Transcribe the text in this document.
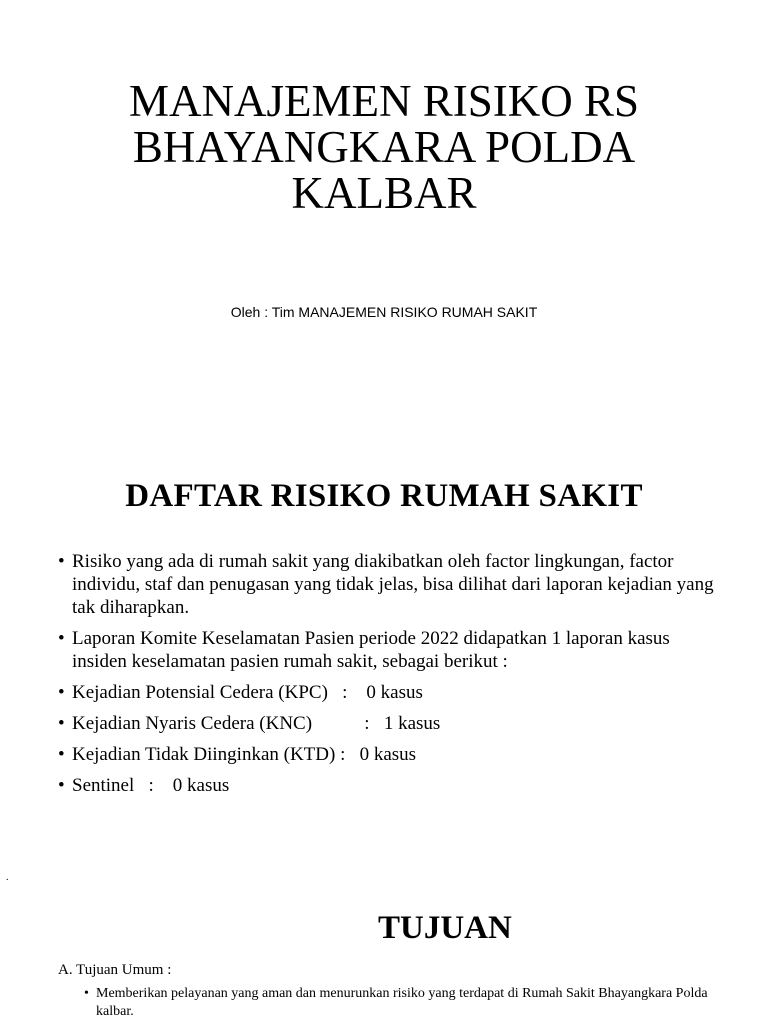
MANAJEMEN RISIKO RS
BHAYANGKARA POLDA
KALBAR

Oleh : Tim MANAJEMEN RISIKO RUMAH SAKIT

DAFTAR RISIKO RUMAH SAKIT
• Risiko yang ada di rumah sakit yang diakibatkan oleh factor lingkungan, factor individu, staf dan penugasan yang tidak jelas, bisa dilihat dari laporan kejadian yang tak diharapkan.
• Laporan Komite Keselamatan Pasien periode 2022 didapatkan 1 laporan kasus insiden keselamatan pasien rumah sakit, sebagai berikut :
• Kejadian Potensial Cedera (KPC)   :    0 kasus
• Kejadian Nyaris Cedera (KNC)           :   1 kasus
• Kejadian Tidak Diinginkan (KTD) :   0 kasus
• Sentinel   :    0 kasus
.
TUJUAN

A. Tujuan Umum :

• Memberikan pelayanan yang aman dan menurunkan risiko yang terdapat di Rumah Sakit Bhayangkara Polda kalbar.
